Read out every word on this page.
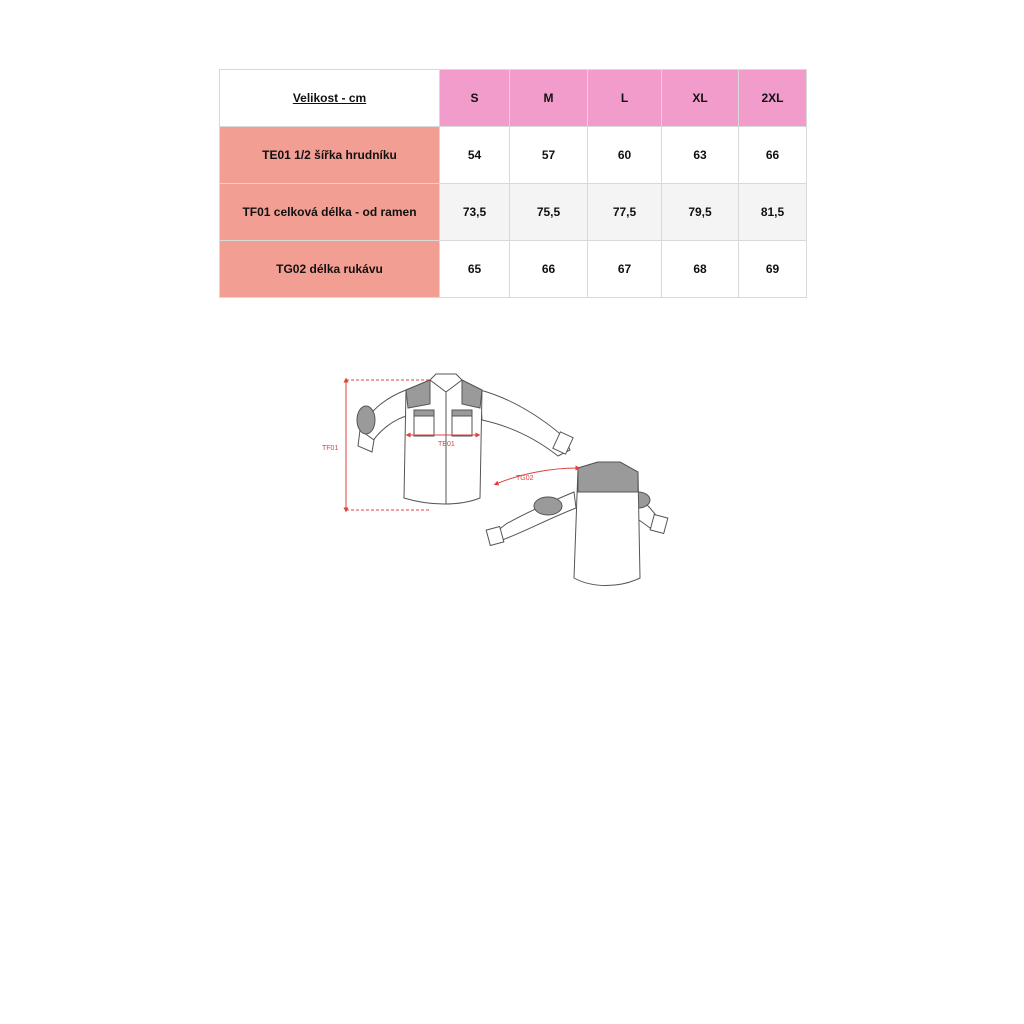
Velikost - cm	S	M	L	XL	2XL
TE01 1/2 šířka hrudníku	54	57	60	63	66
TF01 celková délka - od ramen	73,5	75,5	77,5	79,5	81,5
TG02 délka rukávu	65	66	67	68	69
TF01
TE01
TG02
